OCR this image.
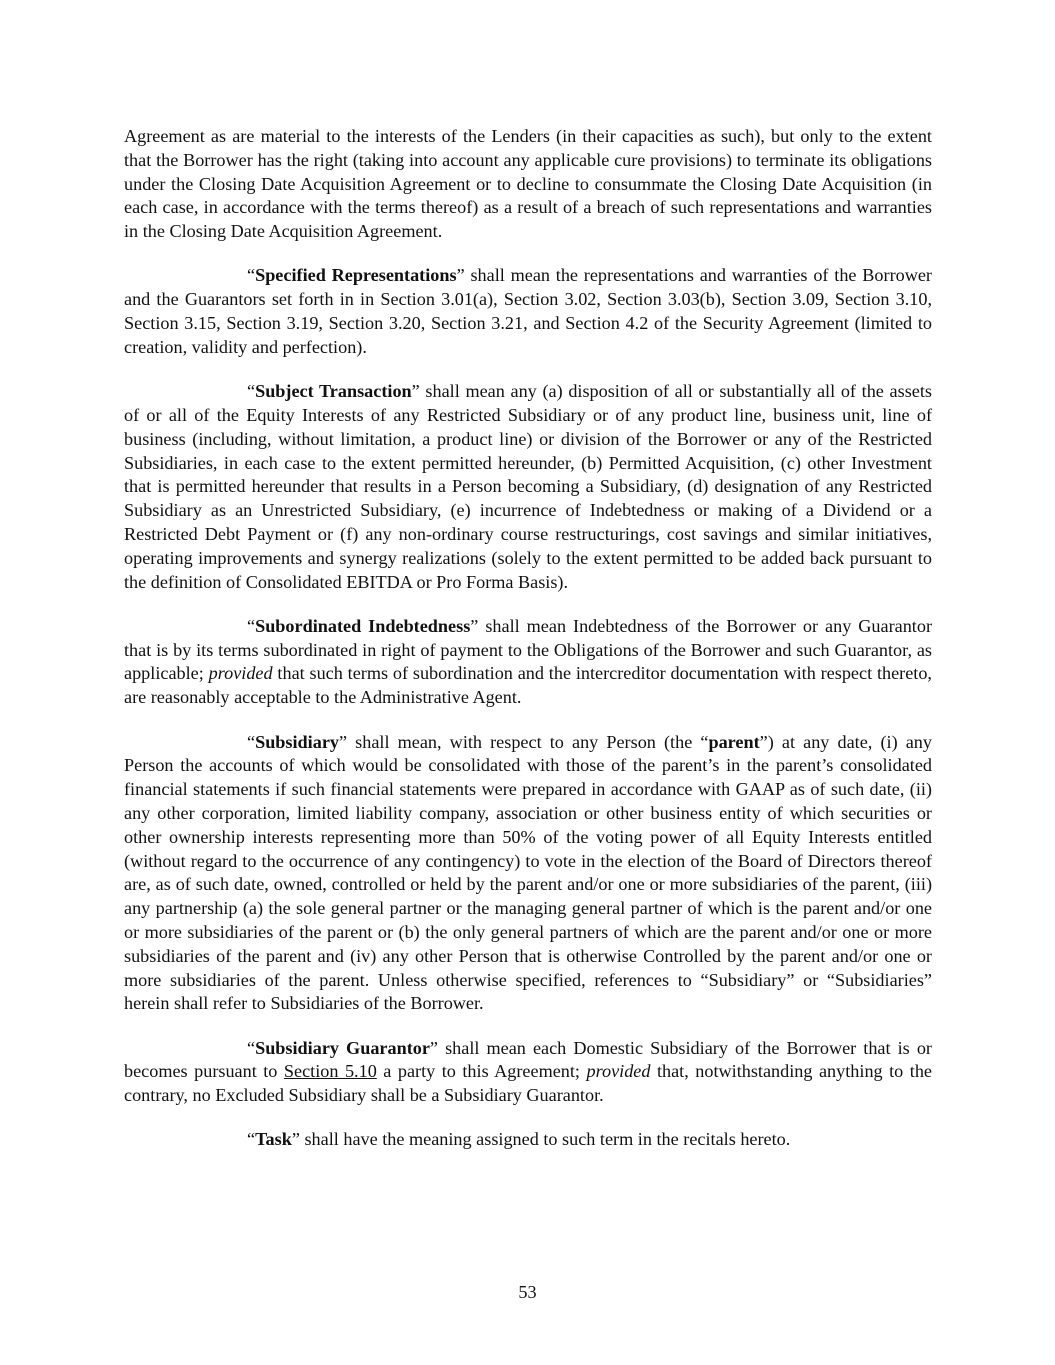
Agreement as are material to the interests of the Lenders (in their capacities as such), but only to the extent that the Borrower has the right (taking into account any applicable cure provisions) to terminate its obligations under the Closing Date Acquisition Agreement or to decline to consummate the Closing Date Acquisition (in each case, in accordance with the terms thereof) as a result of a breach of such representations and warranties in the Closing Date Acquisition Agreement.

“Specified Representations” shall mean the representations and warranties of the Borrower and the Guarantors set forth in in Section 3.01(a), Section 3.02, Section 3.03(b), Section 3.09, Section 3.10, Section 3.15, Section 3.19, Section 3.20, Section 3.21, and Section 4.2 of the Security Agreement (limited to creation, validity and perfection).

“Subject Transaction” shall mean any (a) disposition of all or substantially all of the assets of or all of the Equity Interests of any Restricted Subsidiary or of any product line, business unit, line of business (including, without limitation, a product line) or division of the Borrower or any of the Restricted Subsidiaries, in each case to the extent permitted hereunder, (b) Permitted Acquisition, (c) other Investment that is permitted hereunder that results in a Person becoming a Subsidiary, (d) designation of any Restricted Subsidiary as an Unrestricted Subsidiary, (e) incurrence of Indebtedness or making of a Dividend or a Restricted Debt Payment or (f) any non-ordinary course restructurings, cost savings and similar initiatives, operating improvements and synergy realizations (solely to the extent permitted to be added back pursuant to the definition of Consolidated EBITDA or Pro Forma Basis).

“Subordinated Indebtedness” shall mean Indebtedness of the Borrower or any Guarantor that is by its terms subordinated in right of payment to the Obligations of the Borrower and such Guarantor, as applicable; provided that such terms of subordination and the intercreditor documentation with respect thereto, are reasonably acceptable to the Administrative Agent.

“Subsidiary” shall mean, with respect to any Person (the “parent”) at any date, (i) any Person the accounts of which would be consolidated with those of the parent’s in the parent’s consolidated financial statements if such financial statements were prepared in accordance with GAAP as of such date, (ii) any other corporation, limited liability company, association or other business entity of which securities or other ownership interests representing more than 50% of the voting power of all Equity Interests entitled (without regard to the occurrence of any contingency) to vote in the election of the Board of Directors thereof are, as of such date, owned, controlled or held by the parent and/or one or more subsidiaries of the parent, (iii) any partnership (a) the sole general partner or the managing general partner of which is the parent and/or one or more subsidiaries of the parent or (b) the only general partners of which are the parent and/or one or more subsidiaries of the parent and (iv) any other Person that is otherwise Controlled by the parent and/or one or more subsidiaries of the parent. Unless otherwise specified, references to “Subsidiary” or “Subsidiaries” herein shall refer to Subsidiaries of the Borrower.

“Subsidiary Guarantor” shall mean each Domestic Subsidiary of the Borrower that is or becomes pursuant to Section 5.10 a party to this Agreement; provided that, notwithstanding anything to the contrary, no Excluded Subsidiary shall be a Subsidiary Guarantor.

“Task” shall have the meaning assigned to such term in the recitals hereto.

53
